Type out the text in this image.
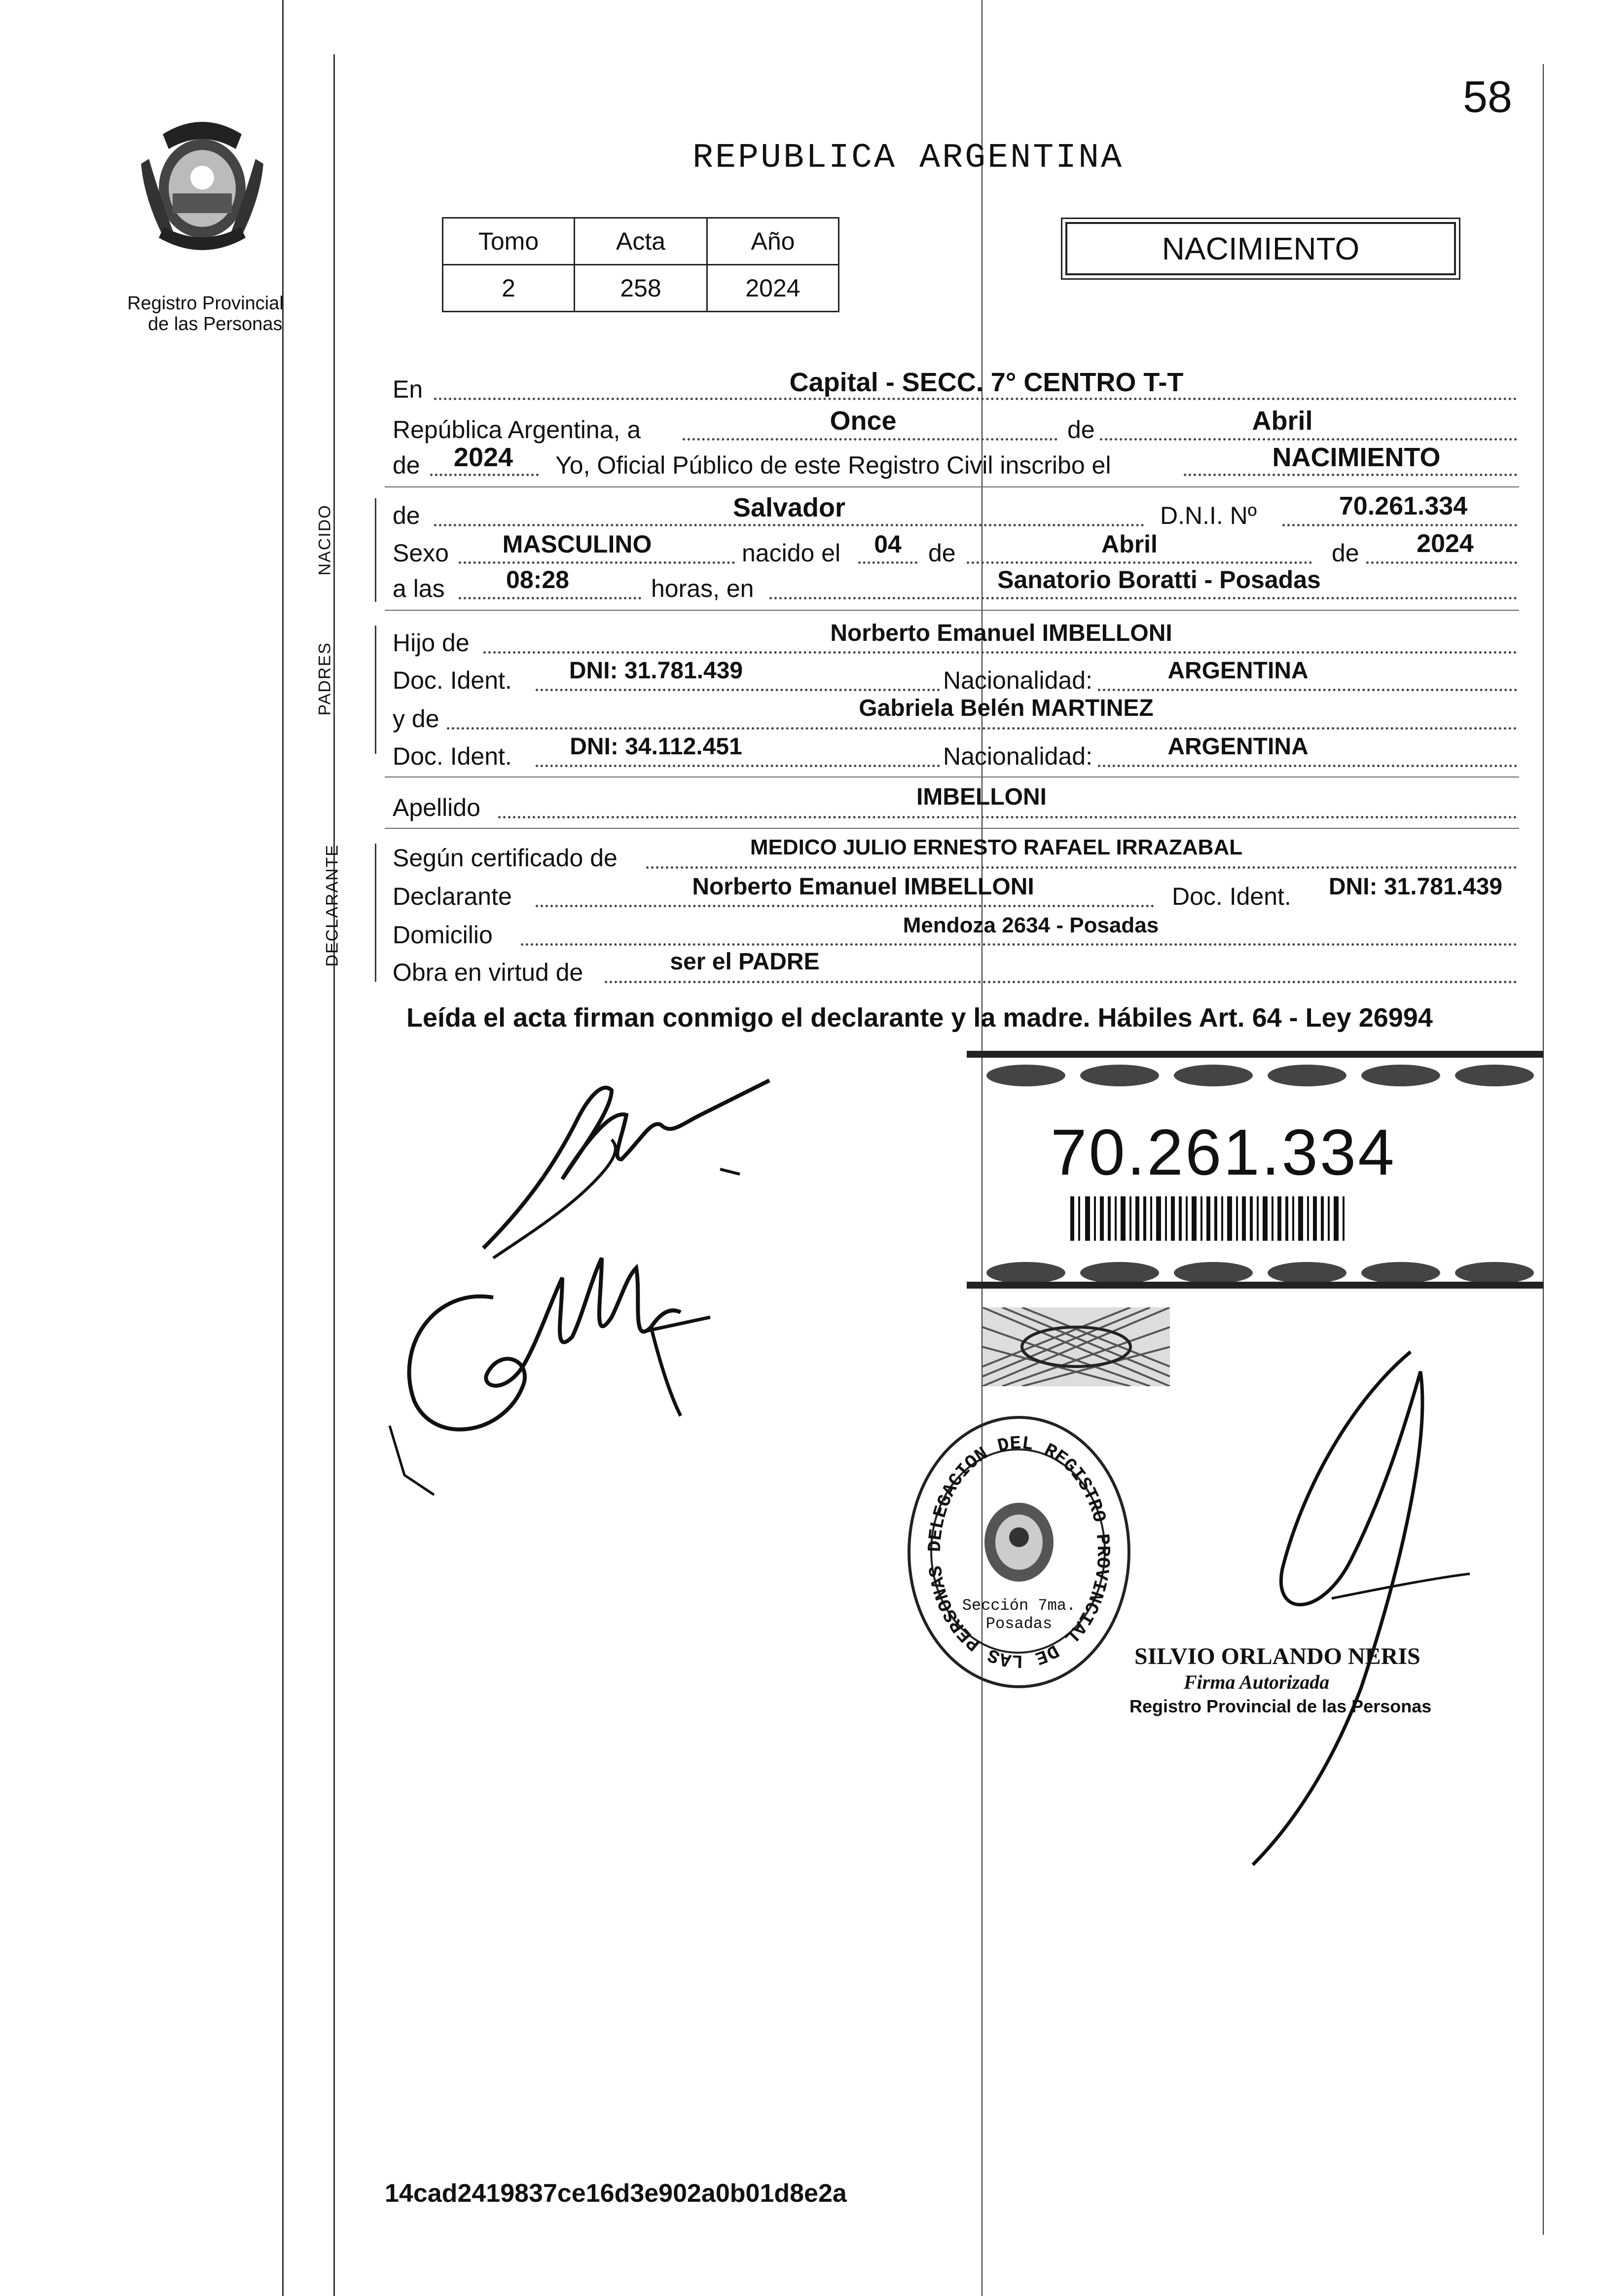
58
Registro Provincial
de las Personas
REPUBLICA ARGENTINA
Tomo	Acta	Año
2	258	2024
NACIMIENTO
NACIDO
PADRES
DECLARANTE
En	Capital - SECC. 7° CENTRO T-T
República Argentina, a	Once	de	Abril
de	2024	Yo, Oficial Público de este Registro Civil inscribo el	NACIMIENTO
de	Salvador	D.N.I. Nº	70.261.334
Sexo	MASCULINO	nacido el	04	de	Abril	de	2024
a las	08:28	horas, en	Sanatorio Boratti - Posadas
Hijo de	Norberto Emanuel IMBELLONI
Doc. Ident.	DNI: 31.781.439	Nacionalidad:	ARGENTINA
y de	Gabriela Belén MARTINEZ
Doc. Ident.	DNI: 34.112.451	Nacionalidad:	ARGENTINA
Apellido	IMBELLONI
Según certificado de	MEDICO JULIO ERNESTO RAFAEL IRRAZABAL
Declarante	Norberto Emanuel IMBELLONI	Doc. Ident.	DNI: 31.781.439
Domicilio	Mendoza 2634 - Posadas
Obra en virtud de	ser el PADRE
Leída el acta firman conmigo el declarante y la madre. Hábiles Art. 64 - Ley 26994
70.261.334
DELEGACION DEL REGISTRO PROVINCIAL DE LAS PERSONAS
Sección 7ma. Posadas
SILVIO ORLANDO NERIS
Firma Autorizada
Registro Provincial de las Personas
14cad2419837ce16d3e902a0b01d8e2a
